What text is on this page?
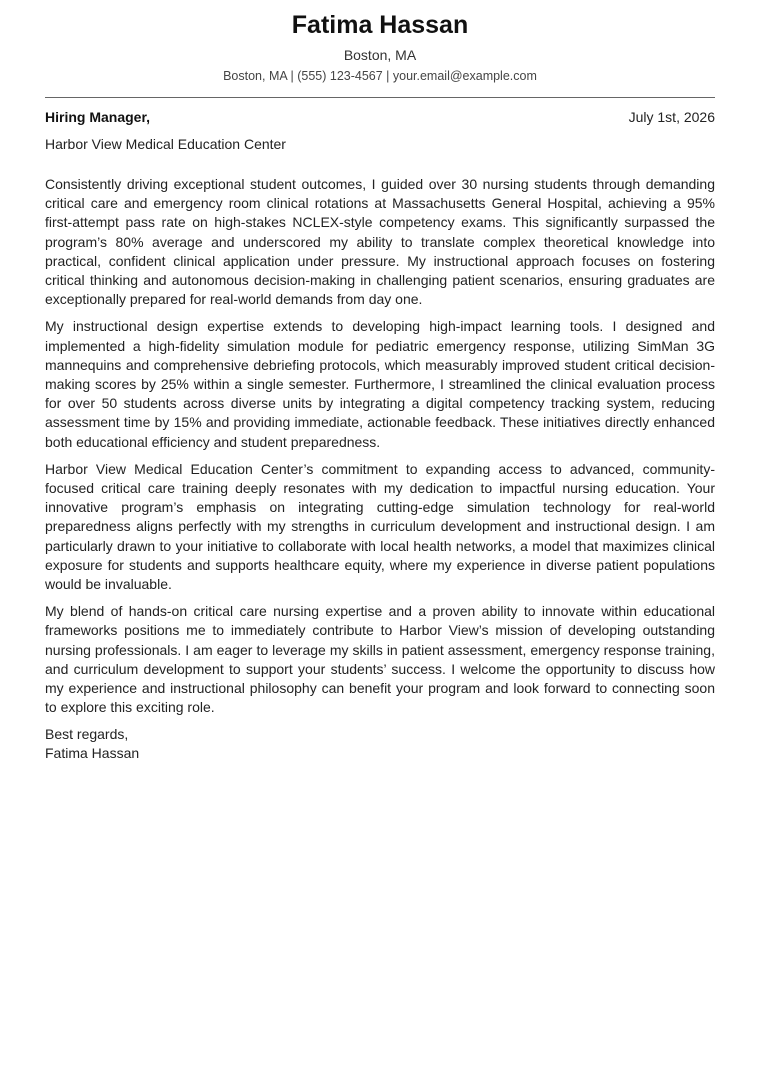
Fatima Hassan
Boston, MA
Boston, MA | (555) 123-4567 | your.email@example.com
Hiring Manager,	July 1st, 2026
Harbor View Medical Education Center

Consistently driving exceptional student outcomes, I guided over 30 nursing students through demanding critical care and emergency room clinical rotations at Massachusetts General Hospital, achieving a 95% first-attempt pass rate on high-stakes NCLEX-style competency exams. This significantly surpassed the program’s 80% average and underscored my ability to translate complex theoretical knowledge into practical, confident clinical application under pressure. My instructional approach focuses on fostering critical thinking and autonomous decision-making in challenging patient scenarios, ensuring graduates are exceptionally prepared for real-world demands from day one.

My instructional design expertise extends to developing high-impact learning tools. I designed and implemented a high-fidelity simulation module for pediatric emergency response, utilizing SimMan 3G mannequins and comprehensive debriefing protocols, which measurably improved student critical decision-making scores by 25% within a single semester. Furthermore, I streamlined the clinical evaluation process for over 50 students across diverse units by integrating a digital competency tracking system, reducing assessment time by 15% and providing immediate, actionable feedback. These initiatives directly enhanced both educational efficiency and student preparedness.

Harbor View Medical Education Center’s commitment to expanding access to advanced, community-focused critical care training deeply resonates with my dedication to impactful nursing education. Your innovative program’s emphasis on integrating cutting-edge simulation technology for real-world preparedness aligns perfectly with my strengths in curriculum development and instructional design. I am particularly drawn to your initiative to collaborate with local health networks, a model that maximizes clinical exposure for students and supports healthcare equity, where my experience in diverse patient populations would be invaluable.

My blend of hands-on critical care nursing expertise and a proven ability to innovate within educational frameworks positions me to immediately contribute to Harbor View’s mission of developing outstanding nursing professionals. I am eager to leverage my skills in patient assessment, emergency response training, and curriculum development to support your students’ success. I welcome the opportunity to discuss how my experience and instructional philosophy can benefit your program and look forward to connecting soon to explore this exciting role.

Best regards,
Fatima Hassan
